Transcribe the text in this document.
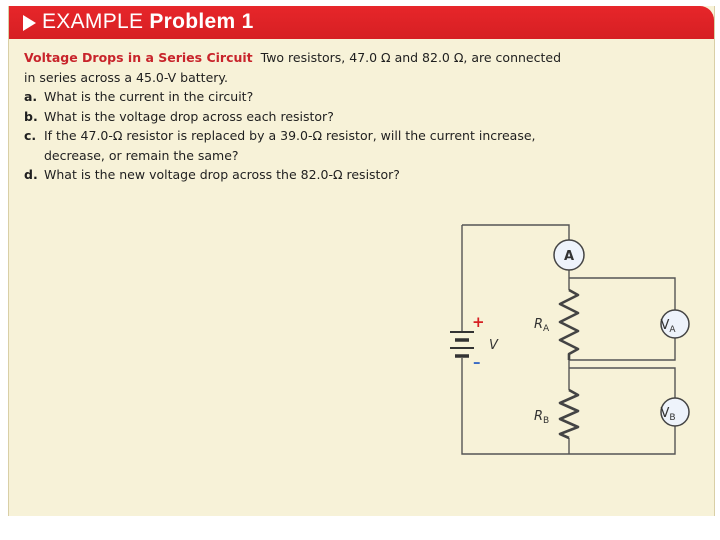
EXAMPLE Problem 1
Voltage Drops in a Series Circuit Two resistors, 47.0 Ω and 82.0 Ω, are connected
in series across a 45.0-V battery.
a. What is the current in the circuit?
b. What is the voltage drop across each resistor?
c. If the 47.0-Ω resistor is replaced by a 39.0-Ω resistor, will the current increase, decrease, or remain the same?
d. What is the new voltage drop across the 82.0-Ω resistor?
A
$V_A$
$V_B$
$R_A$
$R_B$
+
–
V
